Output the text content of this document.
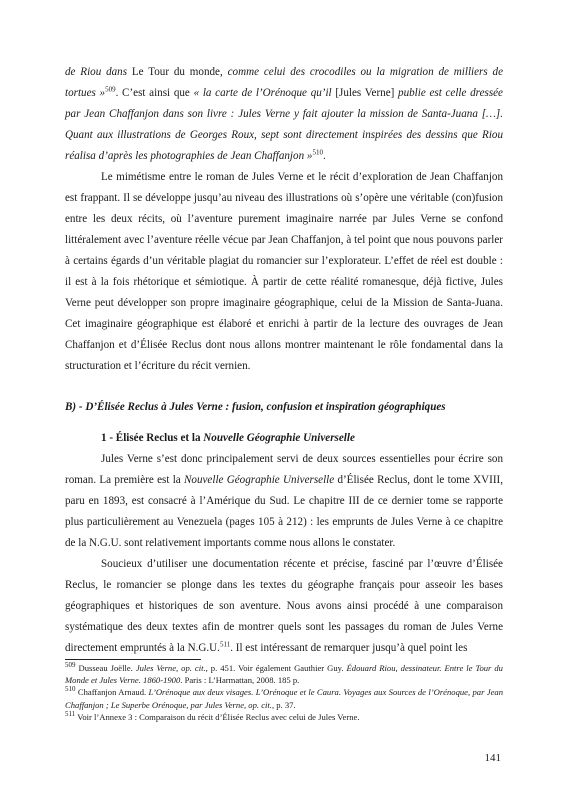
de Riou dans Le Tour du monde, comme celui des crocodiles ou la migration de milliers de tortues »$^{509}$. C’est ainsi que « la carte de l’Orénoque qu’il [Jules Verne] publie est celle dressée par Jean Chaffanjon dans son livre : Jules Verne y fait ajouter la mission de Santa-Juana […]. Quant aux illustrations de Georges Roux, sept sont directement inspirées des dessins que Riou réalisa d’après les photographies de Jean Chaffanjon »$^{510}$.

Le mimétisme entre le roman de Jules Verne et le récit d’exploration de Jean Chaffanjon est frappant. Il se développe jusqu’au niveau des illustrations où s’opère une véritable (con)fusion entre les deux récits, où l’aventure purement imaginaire narrée par Jules Verne se confond littéralement avec l’aventure réelle vécue par Jean Chaffanjon, à tel point que nous pouvons parler à certains égards d’un véritable plagiat du romancier sur l’explorateur. L’effet de réel est double : il est à la fois rhétorique et sémiotique. À partir de cette réalité romanesque, déjà fictive, Jules Verne peut développer son propre imaginaire géographique, celui de la Mission de Santa-Juana. Cet imaginaire géographique est élaboré et enrichi à partir de la lecture des ouvrages de Jean Chaffanjon et d’Élisée Reclus dont nous allons montrer maintenant le rôle fondamental dans la structuration et l’écriture du récit vernien.

B) - D’Élisée Reclus à Jules Verne : fusion, confusion et inspiration géographiques

1 - Élisée Reclus et la Nouvelle Géographie Universelle

Jules Verne s’est donc principalement servi de deux sources essentielles pour écrire son roman. La première est la Nouvelle Géographie Universelle d’Élisée Reclus, dont le tome XVIII, paru en 1893, est consacré à l’Amérique du Sud. Le chapitre III de ce dernier tome se rapporte plus particulièrement au Venezuela (pages 105 à 212) : les emprunts de Jules Verne à ce chapitre de la N.G.U. sont relativement importants comme nous allons le constater.

Soucieux d’utiliser une documentation récente et précise, fasciné par l’œuvre d’Élisée Reclus, le romancier se plonge dans les textes du géographe français pour asseoir les bases géographiques et historiques de son aventure. Nous avons ainsi procédé à une comparaison systématique des deux textes afin de montrer quels sont les passages du roman de Jules Verne directement empruntés à la N.G.U.$^{511}$. Il est intéressant de remarquer jusqu’à quel point les

$^{509}$ Dusseau Joëlle. Jules Verne, op. cit., p. 451. Voir également Gauthier Guy. Édouard Riou, dessinateur. Entre le Tour du Monde et Jules Verne. 1860-1900. Paris : L’Harmattan, 2008. 185 p.

$^{510}$ Chaffanjon Arnaud. L’Orénoque aux deux visages. L’Orénoque et le Caura. Voyages aux Sources de l’Orénoque, par Jean Chaffanjon ; Le Superbe Orénoque, par Jules Verne, op. cit., p. 37.

$^{511}$ Voir l’Annexe 3 : Comparaison du récit d’Élisée Reclus avec celui de Jules Verne.

141
